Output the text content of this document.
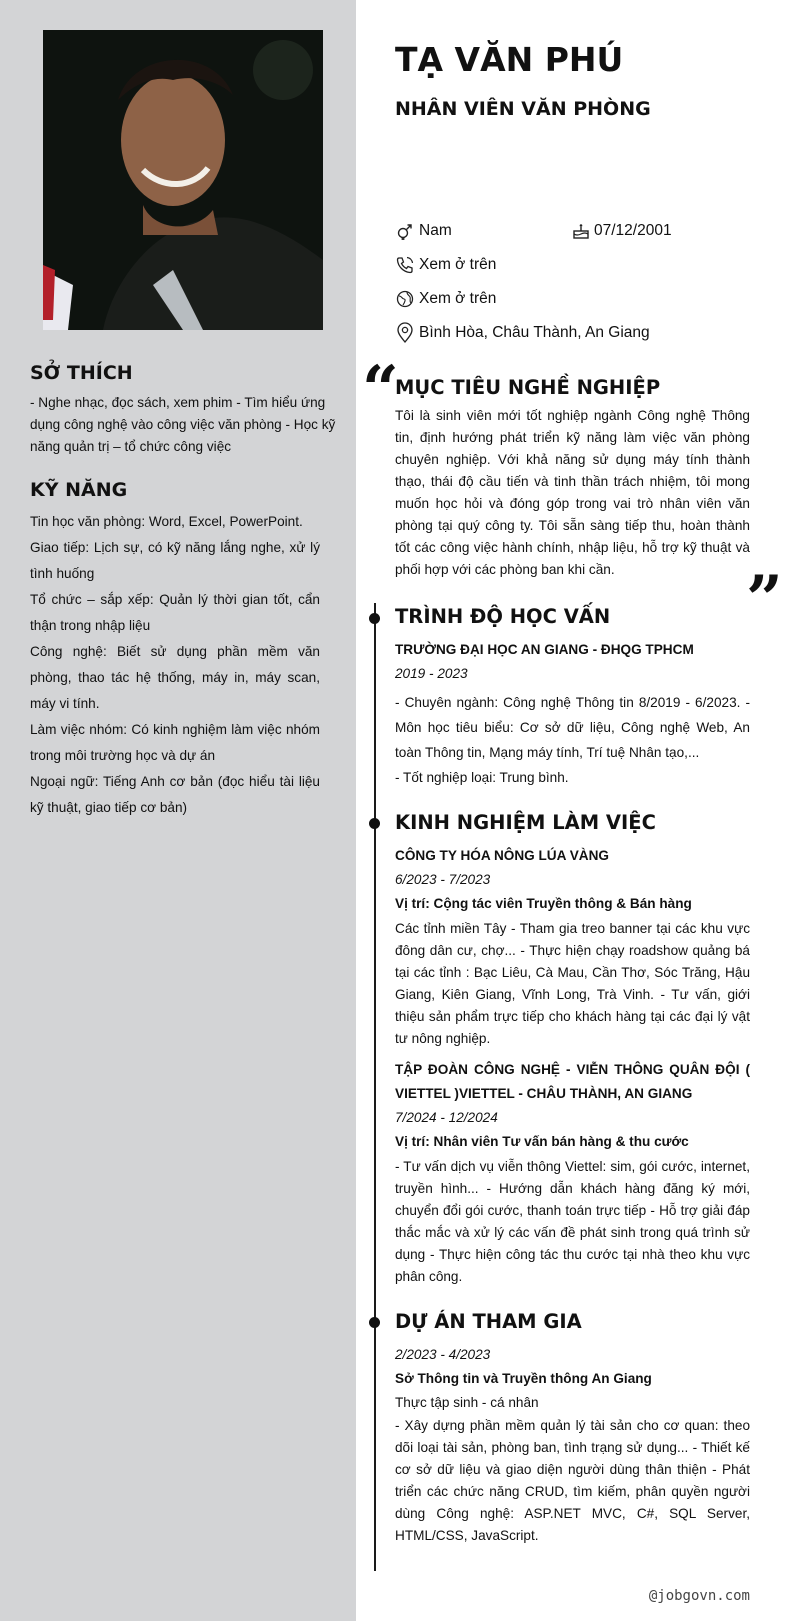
SỞ THÍCH
- Nghe nhạc, đọc sách, xem phim - Tìm hiểu ứng dụng công nghệ vào công việc văn phòng - Học kỹ năng quản trị – tổ chức công việc
KỸ NĂNG

Tin học văn phòng: Word, Excel, PowerPoint.

Giao tiếp: Lịch sự, có kỹ năng lắng nghe, xử lý tình huống

Tổ chức – sắp xếp: Quản lý thời gian tốt, cẩn thận trong nhập liệu

Công nghệ: Biết sử dụng phần mềm văn phòng, thao tác hệ thống, máy in, máy scan, máy vi tính.

Làm việc nhóm: Có kinh nghiệm làm việc nhóm trong môi trường học và dự án

Ngoại ngữ: Tiếng Anh cơ bản (đọc hiểu tài liệu kỹ thuật, giao tiếp cơ bản)

TẠ VĂN PHÚ
NHÂN VIÊN VĂN PHÒNG
Nam	07/12/2001
Xem ở trên
Xem ở trên
Bình Hòa, Châu Thành, An Giang
“
”
MỤC TIÊU NGHỀ NGHIỆP
Tôi là sinh viên mới tốt nghiệp ngành Công nghệ Thông tin, định hướng phát triển kỹ năng làm việc văn phòng chuyên nghiệp. Với khả năng sử dụng máy tính thành thạo, thái độ cầu tiến và tinh thần trách nhiệm, tôi mong muốn học hỏi và đóng góp trong vai trò nhân viên văn phòng tại quý công ty. Tôi sẵn sàng tiếp thu, hoàn thành tốt các công việc hành chính, nhập liệu, hỗ trợ kỹ thuật và phối hợp với các phòng ban khi cần.
TRÌNH ĐỘ HỌC VẤN
TRƯỜNG ĐẠI HỌC AN GIANG - ĐHQG TPHCM
2019 - 2023
- Chuyên ngành: Công nghệ Thông tin 8/2019 - 6/2023. - Môn học tiêu biểu: Cơ sở dữ liệu, Công nghệ Web, An toàn Thông tin, Mạng máy tính, Trí tuệ Nhân tạo,...
- Tốt nghiệp loại: Trung bình.
KINH NGHIỆM LÀM VIỆC
CÔNG TY HÓA NÔNG LÚA VÀNG
6/2023 - 7/2023
Vị trí: Cộng tác viên Truyền thông & Bán hàng
Các tỉnh miền Tây - Tham gia treo banner tại các khu vực đông dân cư, chợ... - Thực hiện chạy roadshow quảng bá tại các tỉnh : Bạc Liêu, Cà Mau, Cần Thơ, Sóc Trăng, Hậu Giang, Kiên Giang, Vĩnh Long, Trà Vinh. - Tư vấn, giới thiệu sản phẩm trực tiếp cho khách hàng tại các đại lý vật tư nông nghiệp.
TẬP ĐOÀN CÔNG NGHỆ - VIỄN THÔNG QUÂN ĐỘI ( VIETTEL )VIETTEL - CHÂU THÀNH, AN GIANG
7/2024 - 12/2024
Vị trí: Nhân viên Tư vấn bán hàng & thu cước
- Tư vấn dịch vụ viễn thông Viettel: sim, gói cước, internet, truyền hình... - Hướng dẫn khách hàng đăng ký mới, chuyển đổi gói cước, thanh toán trực tiếp - Hỗ trợ giải đáp thắc mắc và xử lý các vấn đề phát sinh trong quá trình sử dụng - Thực hiện công tác thu cước tại nhà theo khu vực phân công.
DỰ ÁN THAM GIA
2/2023 - 4/2023
Sở Thông tin và Truyền thông An Giang
Thực tập sinh - cá nhân
- Xây dựng phần mềm quản lý tài sản cho cơ quan: theo dõi loại tài sản, phòng ban, tình trạng sử dụng... - Thiết kế cơ sở dữ liệu và giao diện người dùng thân thiện - Phát triển các chức năng CRUD, tìm kiếm, phân quyền người dùng Công nghệ: ASP.NET MVC, C#, SQL Server, HTML/CSS, JavaScript.
@jobgovn.com
